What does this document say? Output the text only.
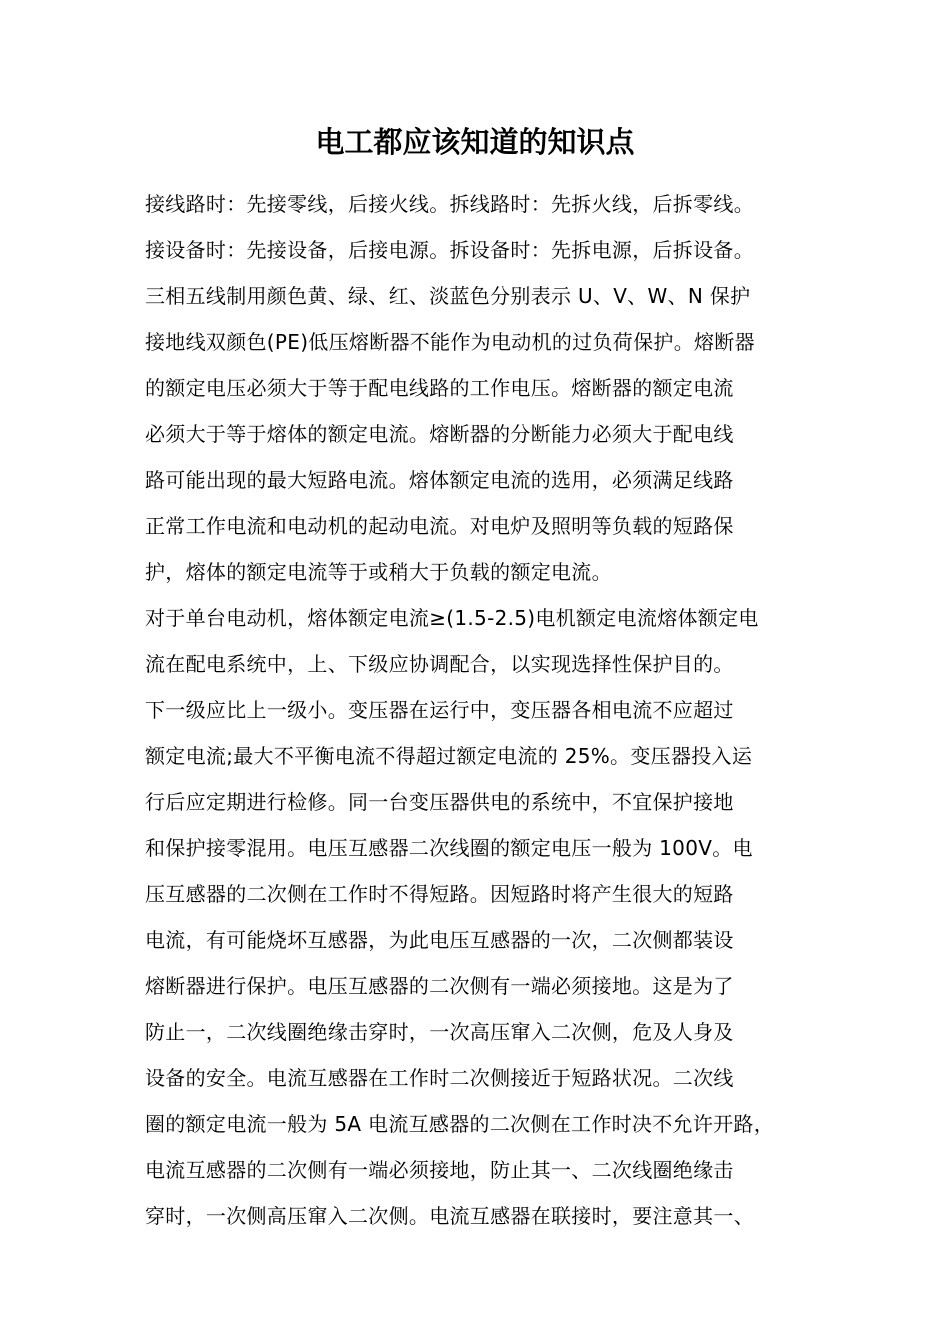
电工都应该知道的知识点
接线路时：先接零线，后接火线。拆线路时：先拆火线，后拆零线。
接设备时：先接设备，后接电源。拆设备时：先拆电源，后拆设备。
三相五线制用颜色黄、绿、红、淡蓝色分别表示 U、V、W、N 保护
接地线双颜色(PE)低压熔断器不能作为电动机的过负荷保护。熔断器
的额定电压必须大于等于配电线路的工作电压。熔断器的额定电流
必须大于等于熔体的额定电流。熔断器的分断能力必须大于配电线
路可能出现的最大短路电流。熔体额定电流的选用，必须满足线路
正常工作电流和电动机的起动电流。对电炉及照明等负载的短路保
护，熔体的额定电流等于或稍大于负载的额定电流。
对于单台电动机，熔体额定电流≥(1.5-2.5)电机额定电流熔体额定电
流在配电系统中，上、下级应协调配合，以实现选择性保护目的。
下一级应比上一级小。变压器在运行中，变压器各相电流不应超过
额定电流;最大不平衡电流不得超过额定电流的 25%。变压器投入运
行后应定期进行检修。同一台变压器供电的系统中，不宜保护接地
和保护接零混用。电压互感器二次线圈的额定电压一般为 100V。电
压互感器的二次侧在工作时不得短路。因短路时将产生很大的短路
电流，有可能烧坏互感器，为此电压互感器的一次，二次侧都装设
熔断器进行保护。电压互感器的二次侧有一端必须接地。这是为了
防止一，二次线圈绝缘击穿时，一次高压窜入二次侧，危及人身及
设备的安全。电流互感器在工作时二次侧接近于短路状况。二次线
圈的额定电流一般为 5A 电流互感器的二次侧在工作时决不允许开路，
电流互感器的二次侧有一端必须接地，防止其一、二次线圈绝缘击
穿时，一次侧高压窜入二次侧。电流互感器在联接时，要注意其一、
